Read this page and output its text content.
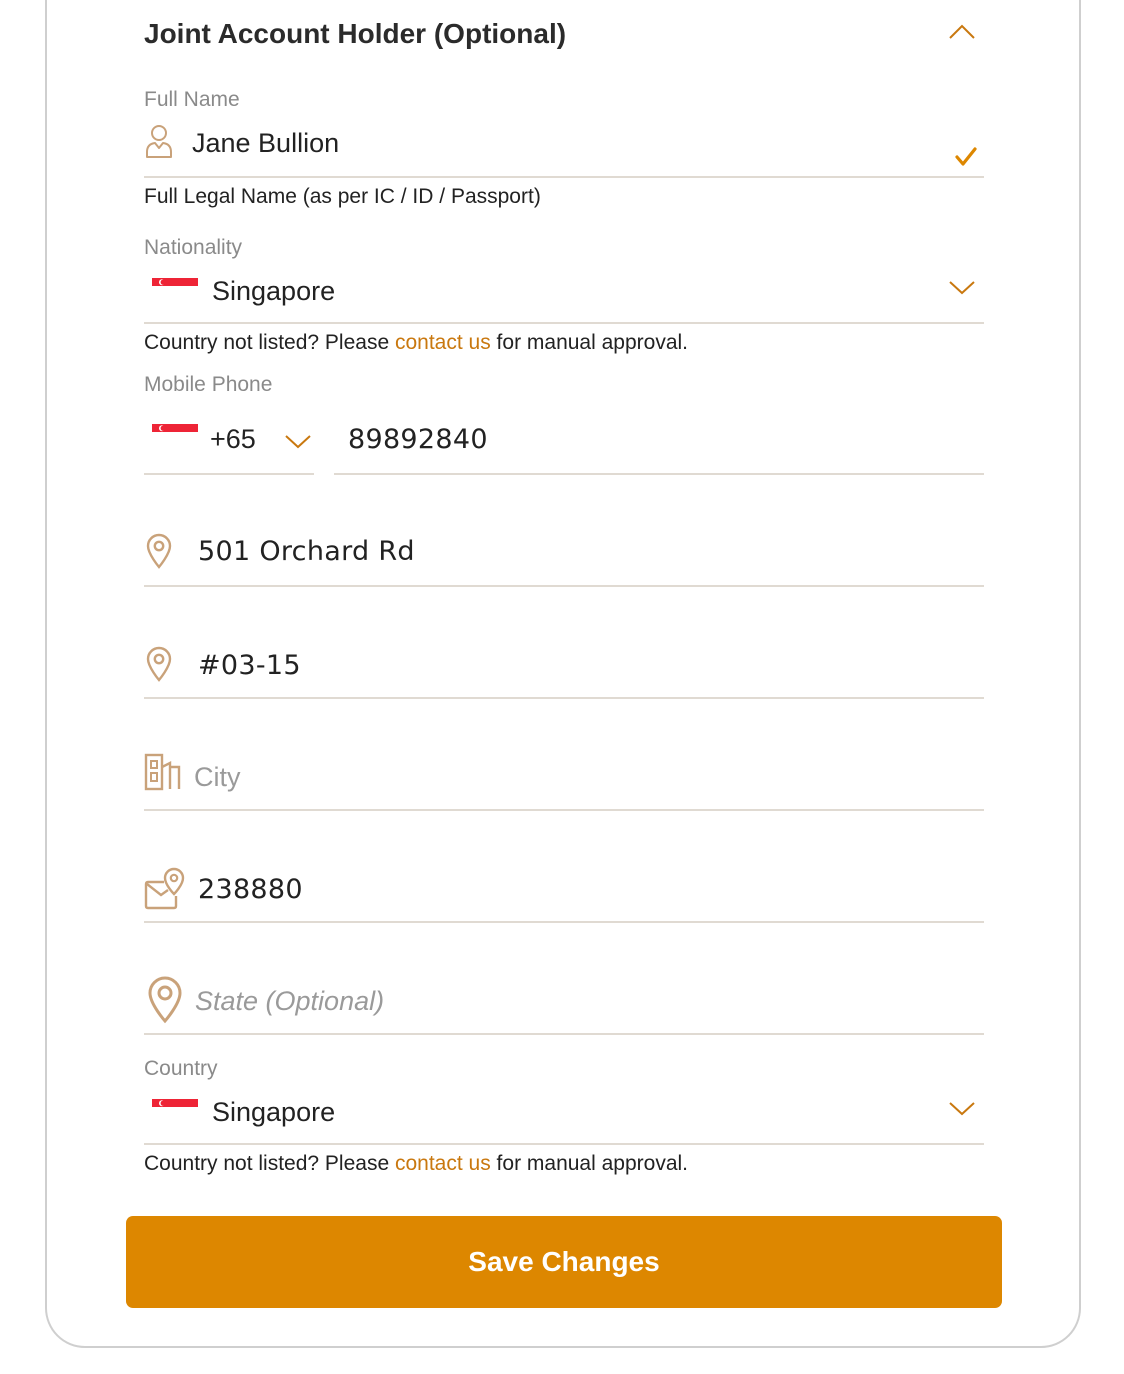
Joint Account Holder (Optional)
Full Name
Jane Bullion
Full Legal Name (as per IC / ID / Passport)
Nationality
Singapore
Country not listed? Please contact us for manual approval.
Mobile Phone
+65	89892840
501 Orchard Rd
#03-15
City
238880
State (Optional)
Country
Singapore
Country not listed? Please contact us for manual approval.
Save Changes
